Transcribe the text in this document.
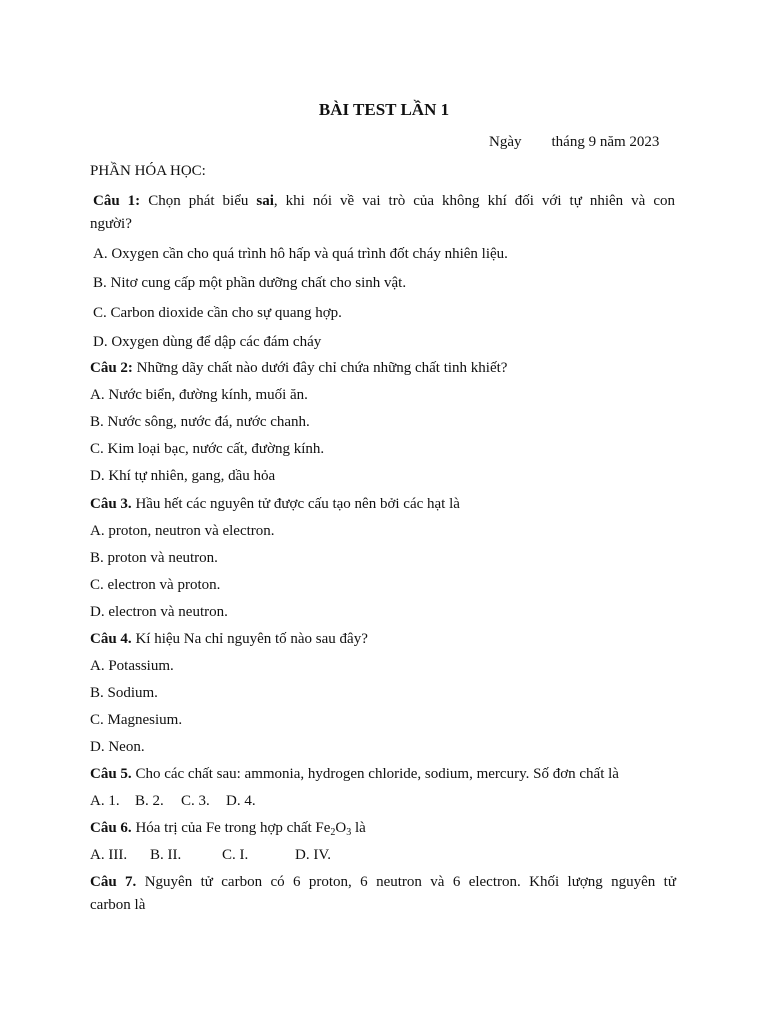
BÀI TEST LẦN 1
Ngày tháng 9 năm 2023
PHẦN HÓA HỌC:
Câu 1: Chọn phát biểu sai, khi nói về vai trò của không khí đối với tự nhiên và con
người?
A. Oxygen cần cho quá trình hô hấp và quá trình đốt cháy nhiên liệu.
B. Nitơ cung cấp một phần dưỡng chất cho sinh vật.
C. Carbon dioxide cần cho sự quang hợp.
D. Oxygen dùng để dập các đám cháy
Câu 2: Những dãy chất nào dưới đây chỉ chứa những chất tinh khiết?
A. Nước biển, đường kính, muối ăn.
B. Nước sông, nước đá, nước chanh.
C. Kim loại bạc, nước cất, đường kính.
D. Khí tự nhiên, gang, dầu hỏa
Câu 3. Hầu hết các nguyên tử được cấu tạo nên bởi các hạt là
A. proton, neutron và electron.
B. proton và neutron.
C. electron và proton.
D. electron và neutron.
Câu 4. Kí hiệu Na chỉ nguyên tố nào sau đây?
A. Potassium.
B. Sodium.
C. Magnesium.
D. Neon.
Câu 5. Cho các chất sau: ammonia, hydrogen chloride, sodium, mercury. Số đơn chất là
A. 1. B. 2. C. 3. D. 4.
Câu 6. Hóa trị của Fe trong hợp chất $Fe_2O_3$ là
A. III. B. II.	C. I.	D. IV.
Câu 7. Nguyên tử carbon có 6 proton, 6 neutron và 6 electron. Khối lượng nguyên tử
carbon là
